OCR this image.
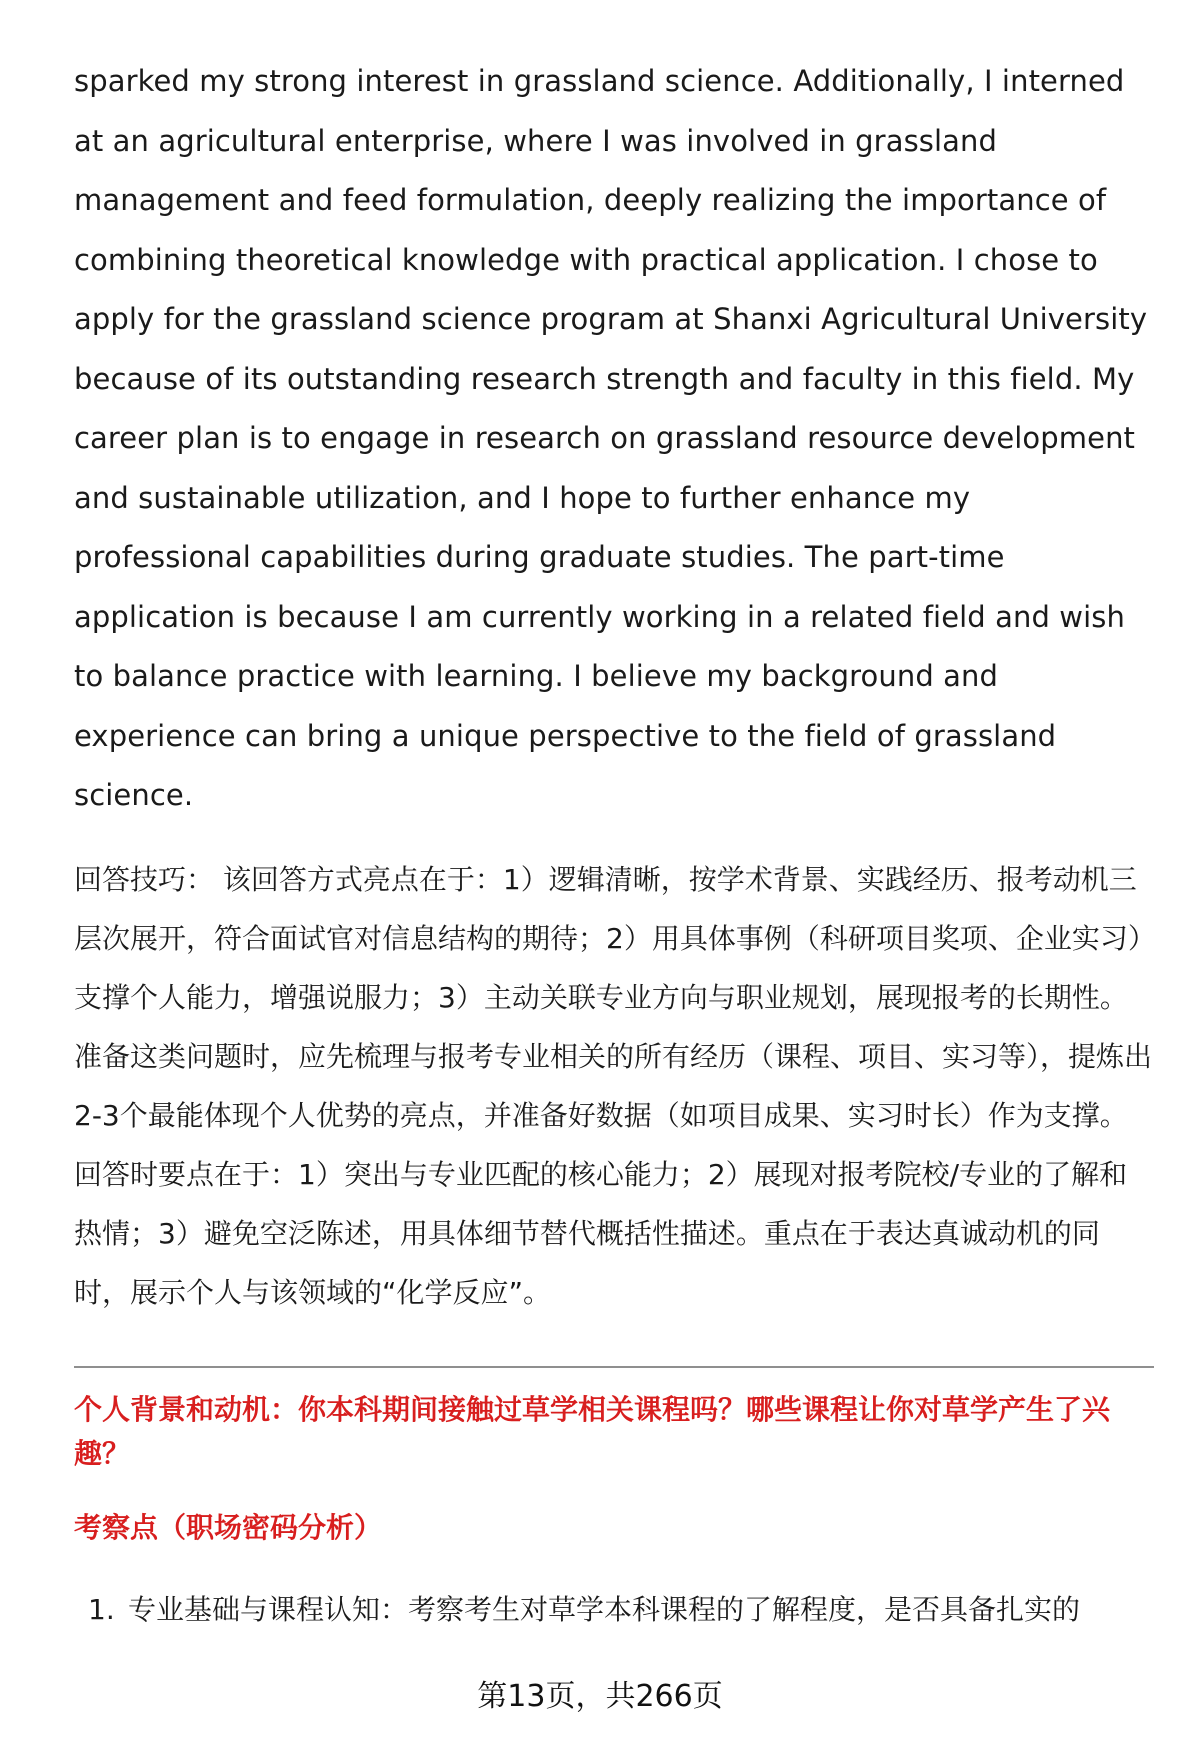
sparked my strong interest in grassland science. Additionally, I interned at an agricultural enterprise, where I was involved in grassland management and feed formulation, deeply realizing the importance of combining theoretical knowledge with practical application. I chose to apply for the grassland science program at Shanxi Agricultural University because of its outstanding research strength and faculty in this field. My career plan is to engage in research on grassland resource development and sustainable utilization, and I hope to further enhance my professional capabilities during graduate studies. The part-time application is because I am currently working in a related field and wish to balance practice with learning. I believe my background and experience can bring a unique perspective to the field of grassland science.

回答技巧： 该回答方式亮点在于：1）逻辑清晰，按学术背景、实践经历、报考动机三层次展开，符合面试官对信息结构的期待；2）用具体事例（科研项目奖项、企业实习）支撑个人能力，增强说服力；3）主动关联专业方向与职业规划，展现报考的长期性。

准备这类问题时，应先梳理与报考专业相关的所有经历（课程、项目、实习等），提炼出2-3个最能体现个人优势的亮点，并准备好数据（如项目成果、实习时长）作为支撑。回答时要点在于：1）突出与专业匹配的核心能力；2）展现对报考院校/专业的了解和热情；3）避免空泛陈述，用具体细节替代概括性描述。重点在于表达真诚动机的同时，展示个人与该领域的“化学反应”。

个人背景和动机：你本科期间接触过草学相关课程吗？哪些课程让你对草学产生了兴趣？

考察点（职场密码分析）

1. 专业基础与课程认知：考察考生对草学本科课程的了解程度，是否具备扎实的
第13页，共266页
